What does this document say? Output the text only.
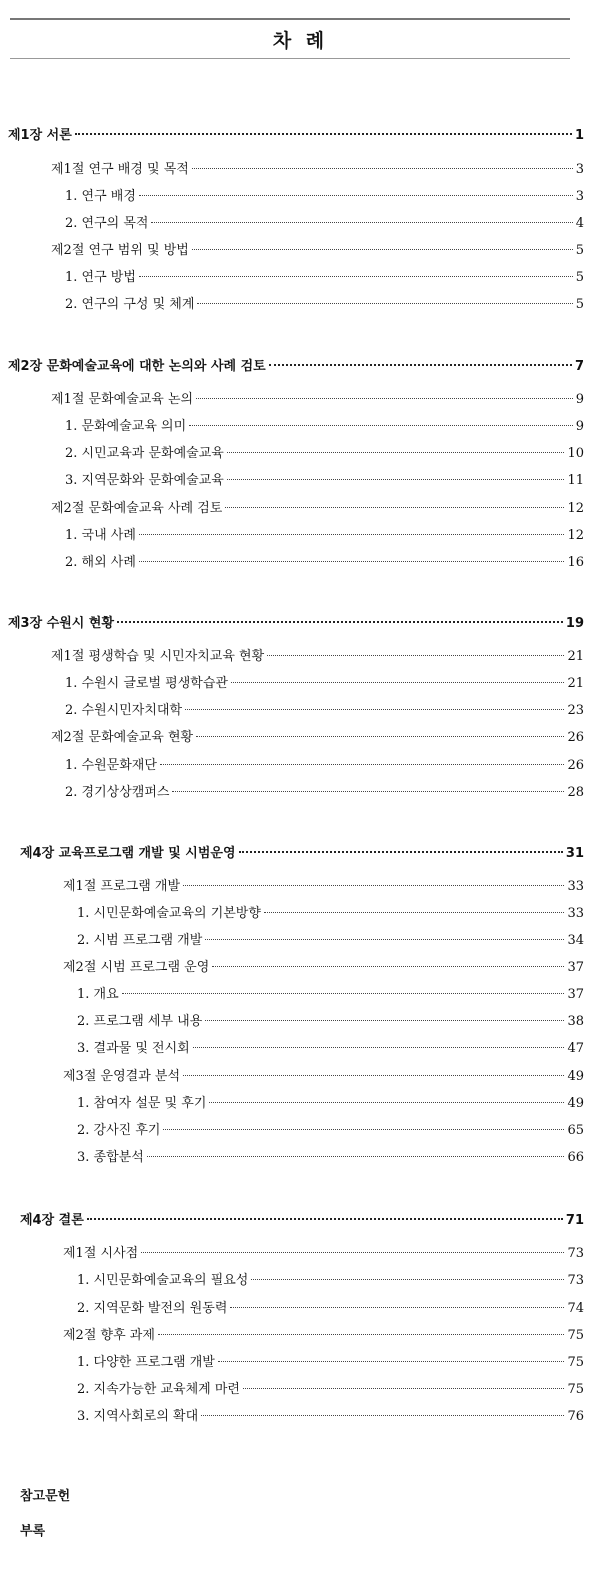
차 례
제1장 서론	1
제1절 연구 배경 및 목적	3
1. 연구 배경	3
2. 연구의 목적	4
제2절 연구 범위 및 방법	5
1. 연구 방법	5
2. 연구의 구성 및 체계	5
제2장 문화예술교육에 대한 논의와 사례 검토	7
제1절 문화예술교육 논의	9
1. 문화예술교육 의미	9
2. 시민교육과 문화예술교육	10
3. 지역문화와 문화예술교육	11
제2절 문화예술교육 사례 검토	12
1. 국내 사례	12
2. 해외 사례	16
제3장 수원시 현황	19
제1절 평생학습 및 시민자치교육 현황	21
1. 수원시 글로벌 평생학습관	21
2. 수원시민자치대학	23
제2절 문화예술교육 현황	26
1. 수원문화재단	26
2. 경기상상캠퍼스	28
제4장 교육프로그램 개발 및 시범운영	31
제1절 프로그램 개발	33
1. 시민문화예술교육의 기본방향	33
2. 시범 프로그램 개발	34
제2절 시범 프로그램 운영	37
1. 개요	37
2. 프로그램 세부 내용	38
3. 결과물 및 전시회	47
제3절 운영결과 분석	49
1. 참여자 설문 및 후기	49
2. 강사진 후기	65
3. 종합분석	66
제4장 결론	71
제1절 시사점	73
1. 시민문화예술교육의 필요성	73
2. 지역문화 발전의 원동력	74
제2절 향후 과제	75
1. 다양한 프로그램 개발	75
2. 지속가능한 교육체계 마련	75
3. 지역사회로의 확대	76
참고문헌
부록
